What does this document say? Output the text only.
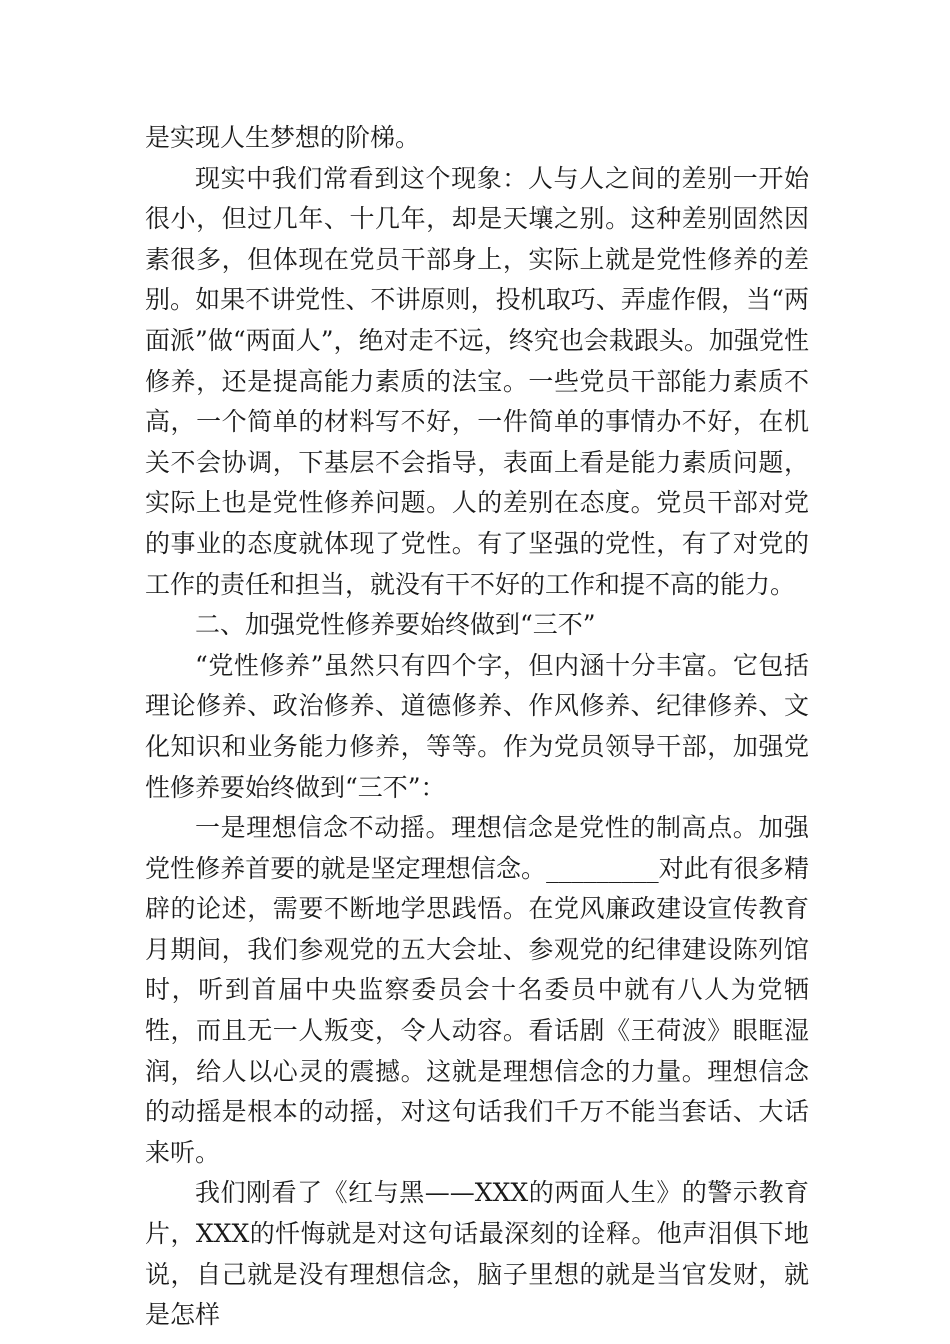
是实现人生梦想的阶梯。

现实中我们常看到这个现象：人与人之间的差别一开始很小，但过几年、十几年，却是天壤之别。这种差别固然因素很多，但体现在党员干部身上，实际上就是党性修养的差别。如果不讲党性、不讲原则，投机取巧、弄虚作假，当“两面派”做“两面人”，绝对走不远，终究也会栽跟头。加强党性修养，还是提高能力素质的法宝。一些党员干部能力素质不高，一个简单的材料写不好，一件简单的事情办不好，在机关不会协调，下基层不会指导，表面上看是能力素质问题，实际上也是党性修养问题。人的差别在态度。党员干部对党的事业的态度就体现了党性。有了坚强的党性，有了对党的工作的责任和担当，就没有干不好的工作和提不高的能力。

二、加强党性修养要始终做到“三不”

“党性修养”虽然只有四个字，但内涵十分丰富。它包括理论修养、政治修养、道德修养、作风修养、纪律修养、文化知识和业务能力修养，等等。作为党员领导干部，加强党性修养要始终做到“三不”：

一是理想信念不动摇。理想信念是党性的制高点。加强党性修养首要的就是坚定理想信念。_________对此有很多精辟的论述，需要不断地学思践悟。在党风廉政建设宣传教育月期间，我们参观党的五大会址、参观党的纪律建设陈列馆时，听到首届中央监察委员会十名委员中就有八人为党牺牲，而且无一人叛变，令人动容。看话剧《王荷波》眼眶湿润，给人以心灵的震撼。这就是理想信念的力量。理想信念的动摇是根本的动摇，对这句话我们千万不能当套话、大话来听。

我们刚看了《红与黑——XXX的两面人生》的警示教育片，XXX的忏悔就是对这句话最深刻的诠释。他声泪俱下地说，自己就是没有理想信念，脑子里想的就是当官发财，就是怎样
